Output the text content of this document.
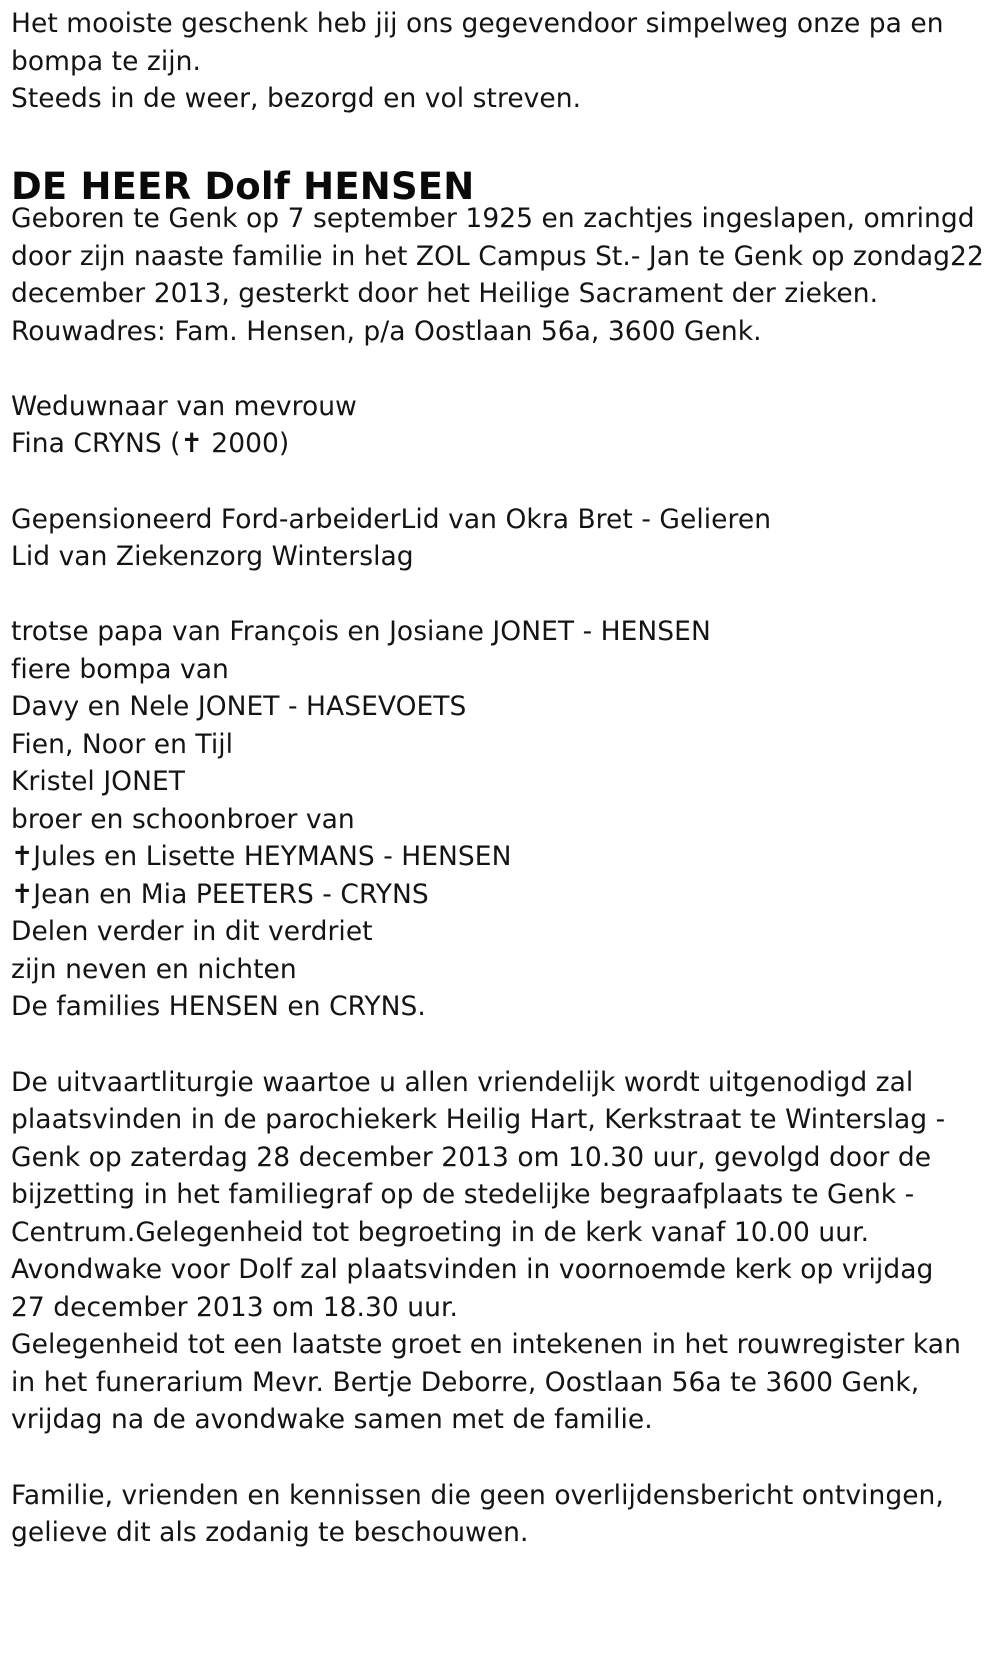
Het mooiste geschenk heb jij ons gegevendoor simpelweg onze pa en
bompa te zijn.
Steeds in de weer, bezorgd en vol streven.
DE HEER Dolf HENSEN
Geboren te Genk op 7 september 1925 en zachtjes ingeslapen, omringd
door zijn naaste familie in het ZOL Campus St.- Jan te Genk op zondag22
december 2013, gesterkt door het Heilige Sacrament der zieken.
Rouwadres: Fam. Hensen, p/a Oostlaan 56a, 3600 Genk.
Weduwnaar van mevrouw
Fina CRYNS (✝ 2000)
Gepensioneerd Ford-arbeiderLid van Okra Bret - Gelieren
Lid van Ziekenzorg Winterslag
trotse papa van François en Josiane JONET - HENSEN
fiere bompa van
Davy en Nele JONET - HASEVOETS
Fien, Noor en Tijl
Kristel JONET
broer en schoonbroer van
✝Jules en Lisette HEYMANS - HENSEN
✝Jean en Mia PEETERS - CRYNS
Delen verder in dit verdriet
zijn neven en nichten
De families HENSEN en CRYNS.
De uitvaartliturgie waartoe u allen vriendelijk wordt uitgenodigd zal
plaatsvinden in de parochiekerk Heilig Hart, Kerkstraat te Winterslag -
Genk op zaterdag 28 december 2013 om 10.30 uur, gevolgd door de
bijzetting in het familiegraf op de stedelijke begraafplaats te Genk -
Centrum.Gelegenheid tot begroeting in de kerk vanaf 10.00 uur.
Avondwake voor Dolf zal plaatsvinden in voornoemde kerk op vrijdag
27 december 2013 om 18.30 uur.
Gelegenheid tot een laatste groet en intekenen in het rouwregister kan
in het funerarium Mevr. Bertje Deborre, Oostlaan 56a te 3600 Genk,
vrijdag na de avondwake samen met de familie.
Familie, vrienden en kennissen die geen overlijdensbericht ontvingen,
gelieve dit als zodanig te beschouwen.
